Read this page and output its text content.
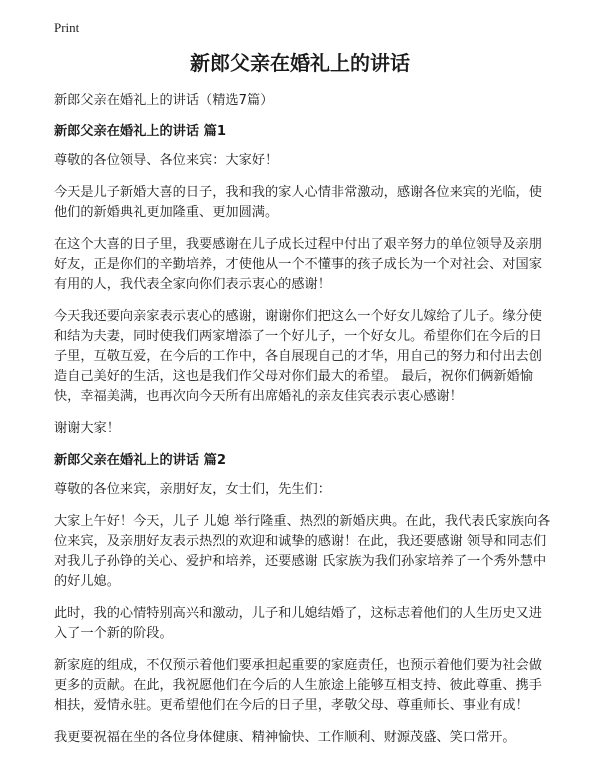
Print
新郎父亲在婚礼上的讲话

新郎父亲在婚礼上的讲话（精选7篇）

新郎父亲在婚礼上的讲话 篇1

尊敬的各位领导、各位来宾：大家好！

今天是儿子新婚大喜的日子，我和我的家人心情非常激动，感谢各位来宾的光临，使他们的新婚典礼更加隆重、更加圆满。

在这个大喜的日子里，我要感谢在儿子成长过程中付出了艰辛努力的单位领导及亲朋好友，正是你们的辛勤培养，才使他从一个不懂事的孩子成长为一个对社会、对国家有用的人，我代表全家向你们表示衷心的感谢！

今天我还要向亲家表示衷心的感谢，谢谢你们把这么一个好女儿嫁给了儿子。缘分使和结为夫妻，同时使我们两家增添了一个好儿子，一个好女儿。希望你们在今后的日子里，互敬互爱，在今后的工作中，各自展现自己的才华，用自己的努力和付出去创造自己美好的生活，这也是我们作父母对你们最大的希望。 最后，祝你们俩新婚愉快，幸福美满，也再次向今天所有出席婚礼的亲友佳宾表示衷心感谢！

谢谢大家！

新郎父亲在婚礼上的讲话 篇2

尊敬的各位来宾，亲朋好友，女士们，先生们：

大家上午好！今天，儿子 儿媳 举行隆重、热烈的新婚庆典。在此，我代表氏家族向各位来宾，及亲朋好友表示热烈的欢迎和诚挚的感谢！在此，我还要感谢 领导和同志们对我儿子孙铮的关心、爱护和培养，还要感谢 氏家族为我们孙家培养了一个秀外慧中的好儿媳。

此时，我的心情特别高兴和激动，儿子和儿媳结婚了，这标志着他们的人生历史又进入了一个新的阶段。

新家庭的组成，不仅预示着他们要承担起重要的家庭责任，也预示着他们要为社会做更多的贡献。在此，我祝愿他们在今后的人生旅途上能够互相支持、彼此尊重、携手相扶，爱情永驻。更希望他们在今后的日子里，孝敬父母、尊重师长、事业有成！

我更要祝福在坐的各位身体健康、精神愉快、工作顺利、财源茂盛、笑口常开。
